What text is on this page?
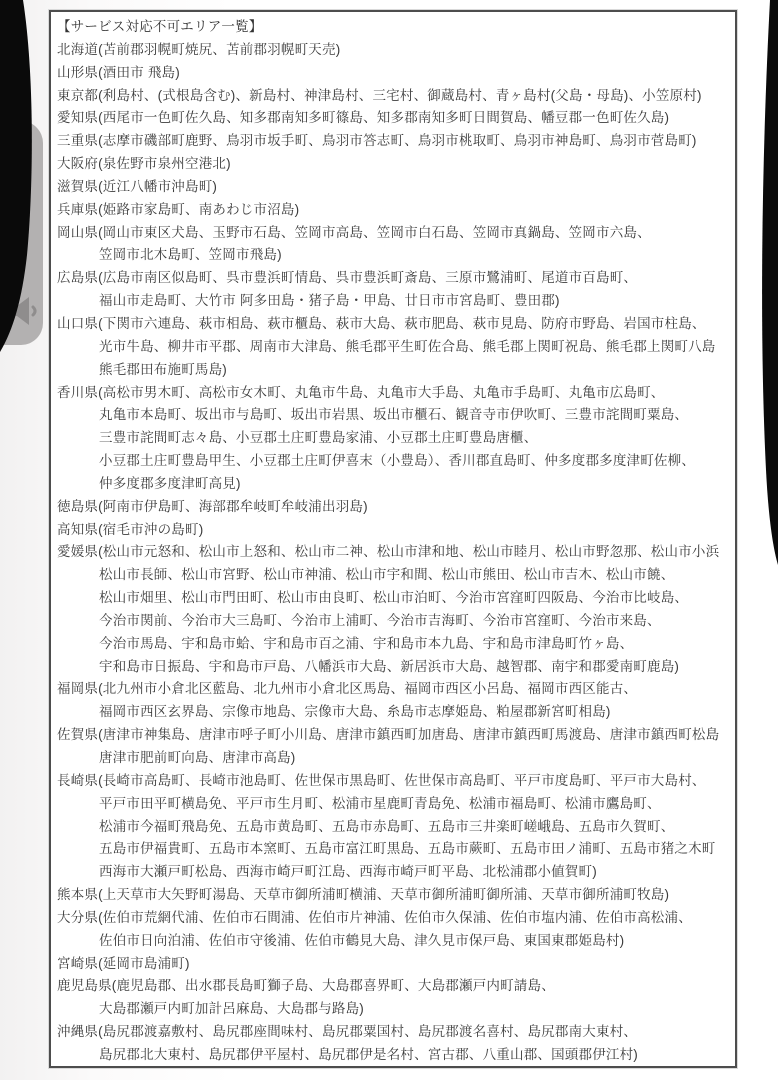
【サービス対応不可エリア一覧】
北海道(苫前郡羽幌町焼尻、苫前郡羽幌町天売)
山形県(酒田市 飛島)
東京都(利島村、(式根島含む)、新島村、神津島村、三宅村、御蔵島村、青ヶ島村(父島・母島)、小笠原村)
愛知県(西尾市一色町佐久島、知多郡南知多町篠島、知多郡南知多町日間賀島、幡豆郡一色町佐久島)
三重県(志摩市磯部町鹿野、鳥羽市坂手町、鳥羽市答志町、鳥羽市桃取町、鳥羽市神島町、鳥羽市菅島町)
大阪府(泉佐野市泉州空港北)
滋賀県(近江八幡市沖島町)
兵庫県(姫路市家島町、南あわじ市沼島)
岡山県(岡山市東区犬島、玉野市石島、笠岡市高島、笠岡市白石島、笠岡市真鍋島、笠岡市六島、
笠岡市北木島町、笠岡市飛島)
広島県(広島市南区似島町、呉市豊浜町情島、呉市豊浜町斎島、三原市鷺浦町、尾道市百島町、
福山市走島町、大竹市 阿多田島・猪子島・甲島、廿日市市宮島町、豊田郡)
山口県(下関市六連島、萩市相島、萩市櫃島、萩市大島、萩市肥島、萩市見島、防府市野島、岩国市柱島、
光市牛島、柳井市平郡、周南市大津島、熊毛郡平生町佐合島、熊毛郡上関町祝島、熊毛郡上関町八島
熊毛郡田布施町馬島)
香川県(高松市男木町、高松市女木町、丸亀市牛島、丸亀市大手島、丸亀市手島町、丸亀市広島町、
丸亀市本島町、坂出市与島町、坂出市岩黒、坂出市櫃石、観音寺市伊吹町、三豊市詫間町粟島、
三豊市詫間町志々島、小豆郡土庄町豊島家浦、小豆郡土庄町豊島唐櫃、
小豆郡土庄町豊島甲生、小豆郡土庄町伊喜末（小豊島）、香川郡直島町、仲多度郡多度津町佐柳、
仲多度郡多度津町高見)
徳島県(阿南市伊島町、海部郡牟岐町牟岐浦出羽島)
高知県(宿毛市沖の島町)
愛媛県(松山市元怒和、松山市上怒和、松山市二神、松山市津和地、松山市睦月、松山市野忽那、松山市小浜
松山市長師、松山市宮野、松山市神浦、松山市宇和間、松山市熊田、松山市吉木、松山市饒、
松山市畑里、松山市門田町、松山市由良町、松山市泊町、今治市宮窪町四阪島、今治市比岐島、
今治市関前、今治市大三島町、今治市上浦町、今治市吉海町、今治市宮窪町、今治市来島、
今治市馬島、宇和島市蛤、宇和島市百之浦、宇和島市本九島、宇和島市津島町竹ヶ島、
宇和島市日振島、宇和島市戸島、八幡浜市大島、新居浜市大島、越智郡、南宇和郡愛南町鹿島)
福岡県(北九州市小倉北区藍島、北九州市小倉北区馬島、福岡市西区小呂島、福岡市西区能古、
福岡市西区玄界島、宗像市地島、宗像市大島、糸島市志摩姫島、粕屋郡新宮町相島)
佐賀県(唐津市神集島、唐津市呼子町小川島、唐津市鎮西町加唐島、唐津市鎮西町馬渡島、唐津市鎮西町松島
唐津市肥前町向島、唐津市高島)
長崎県(長崎市高島町、長崎市池島町、佐世保市黒島町、佐世保市高島町、平戸市度島町、平戸市大島村、
平戸市田平町横島免、平戸市生月町、松浦市星鹿町青島免、松浦市福島町、松浦市鷹島町、
松浦市今福町飛島免、五島市黄島町、五島市赤島町、五島市三井楽町嵯峨島、五島市久賀町、
五島市伊福貴町、五島市本窯町、五島市富江町黒島、五島市蕨町、五島市田ノ浦町、五島市猪之木町
西海市大瀬戸町松島、西海市崎戸町江島、西海市崎戸町平島、北松浦郡小値賀町)
熊本県(上天草市大矢野町湯島、天草市御所浦町横浦、天草市御所浦町御所浦、天草市御所浦町牧島)
大分県(佐伯市荒網代浦、佐伯市石間浦、佐伯市片神浦、佐伯市久保浦、佐伯市塩内浦、佐伯市高松浦、
佐伯市日向泊浦、佐伯市守後浦、佐伯市鶴見大島、津久見市保戸島、東国東郡姫島村)
宮崎県(延岡市島浦町)
鹿児島県(鹿児島郡、出水郡長島町獅子島、大島郡喜界町、大島郡瀬戸内町請島、
大島郡瀬戸内町加計呂麻島、大島郡与路島)
沖縄県(島尻郡渡嘉敷村、島尻郡座間味村、島尻郡粟国村、島尻郡渡名喜村、島尻郡南大東村、
島尻郡北大東村、島尻郡伊平屋村、島尻郡伊是名村、宮古郡、八重山郡、国頭郡伊江村)
